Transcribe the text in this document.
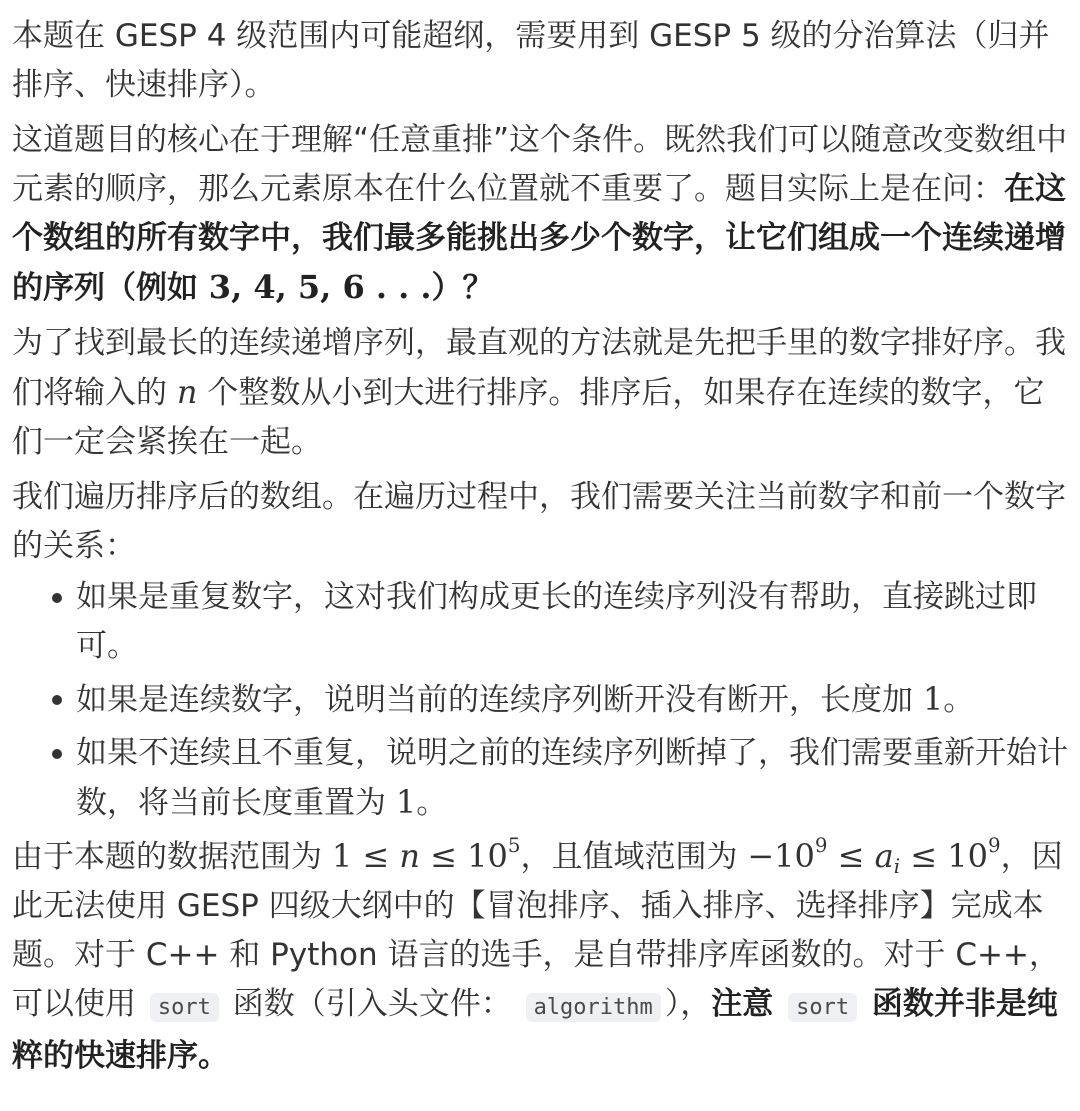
本题在 GESP 4 级范围内可能超纲，需要用到 GESP 5 级的分治算法（归并排序、快速排序）。

这道题目的核心在于理解“任意重排”这个条件。既然我们可以随意改变数组中元素的顺序，那么元素原本在什么位置就不重要了。题目实际上是在问：在这个数组的所有数字中，我们最多能挑出多少个数字，让它们组成一个连续递增的序列（例如 3, 4, 5, 6 . . .）？

为了找到最长的连续递增序列，最直观的方法就是先把手里的数字排好序。我们将输入的 n 个整数从小到大进行排序。排序后，如果存在连续的数字，它们一定会紧挨在一起。

我们遍历排序后的数组。在遍历过程中，我们需要关注当前数字和前一个数字的关系：

如果是重复数字，这对我们构成更长的连续序列没有帮助，直接跳过即可。
如果是连续数字，说明当前的连续序列断开没有断开，长度加 1。
如果不连续且不重复，说明之前的连续序列断掉了，我们需要重新开始计数，将当前长度重置为 1。

由于本题的数据范围为 $1 \le n \le 10^5$，且值域范围为 $-10^9 \le a_i \le 10^9$，因此无法使用 GESP 四级大纲中的【冒泡排序、插入排序、选择排序】完成本题。对于 C++ 和 Python 语言的选手，是自带排序库函数的。对于 C++，可以使用 sort 函数（引入头文件： algorithm ），注意 sort 函数并非是纯粹的快速排序。
